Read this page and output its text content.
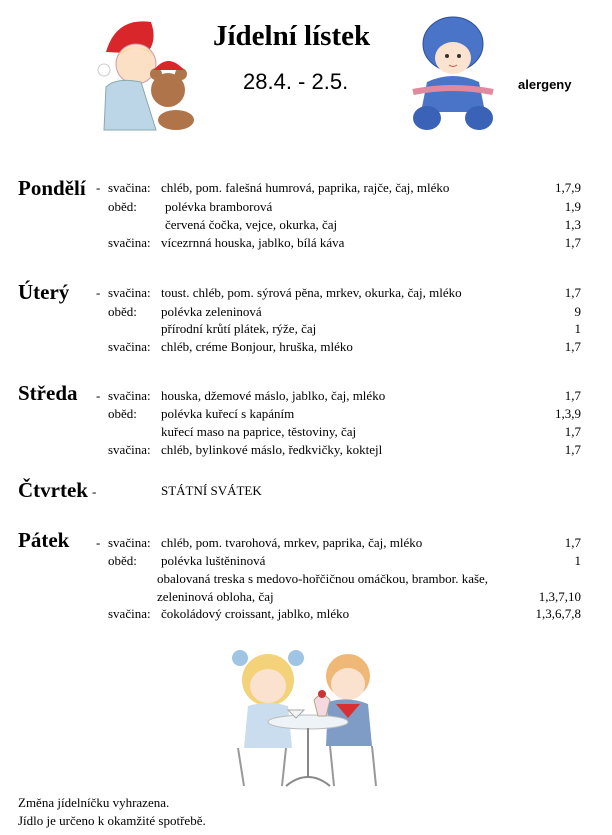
Jídelní lístek
28.4. - 2.5.	alergeny
Pondělí - svačina: chléb, pom. falešná humrová, paprika, rajče, čaj, mléko	1,7,9
oběd: polévka bramborová	1,9
červená čočka, vejce, okurka, čaj	1,3
svačina: vícezrnná houska, jablko, bílá káva	1,7
Úterý - svačina: toust. chléb, pom. sýrová pěna, mrkev, okurka, čaj, mléko	1,7
oběd: polévka zeleninová	9
přírodní krůtí plátek, rýže, čaj	1
svačina: chléb, créme Bonjour, hruška, mléko	1,7
Středa - svačina: houska, džemové máslo, jablko, čaj, mléko	1,7
oběd: polévka kuřecí s kapáním	1,3,9
kuřecí maso na paprice, těstoviny, čaj	1,7
svačina: chléb, bylinkové máslo, ředkvičky, koktejl	1,7
Čtvrtek -	STÁTNÍ SVÁTEK
Pátek - svačina: chléb, pom. tvarohová, mrkev, paprika, čaj, mléko	1,7
oběd: polévka luštěninová	1
obalovaná treska s medovo-hořčičnou omáčkou, brambor. kaše,
zeleninová obloha, čaj	1,3,7,10
svačina: čokoládový croissant, jablko, mléko	1,3,6,7,8
Změna jídelníčku vyhrazena.
Jídlo je určeno k okamžité spotřebě.
